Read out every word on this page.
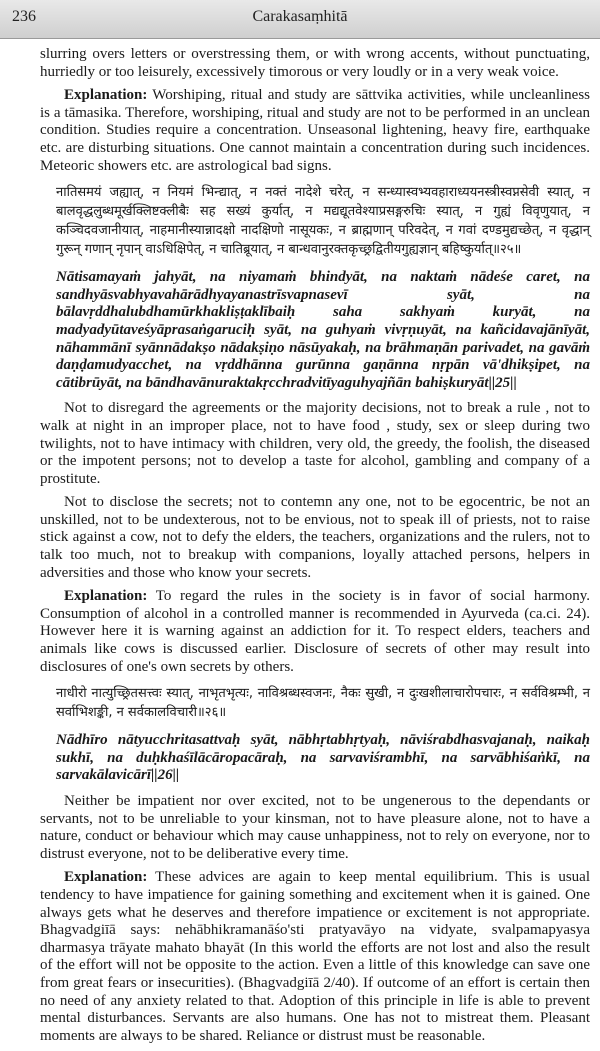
236	Carakasaṃhitā

slurring overs letters or overstressing them, or with wrong accents, without punctuating, hurriedly or too leisurely, excessively timorous or very loudly or in a very weak voice.

Explanation: Worshiping, ritual and study are sāttvika activities, while uncleanliness is a tāmasika. Therefore, worshiping, ritual and study are not to be performed in an unclean condition. Studies require a concentration. Unseasonal lightening, heavy fire, earthquake etc. are disturbing situations. One cannot maintain a concentration during such incidences. Meteoric showers etc. are astrological bad signs.

नातिसमयं जह्यात्, न नियमं भिन्द्यात्, न नक्तं नादेशे चरेत्, न सन्ध्यास्वभ्यवहाराध्ययनस्त्रीस्वप्नसेवी स्यात्, न बालवृद्धलुब्धमूर्खक्लिष्टक्लीबैः सह सख्यं कुर्यात्, न मद्यद्यूतवेश्याप्रसङ्गरुचिः स्यात्, न गुह्यं विवृणुयात्, न कञ्चिदवजानीयात्, नाहमानीस्यान्नादक्षो नादक्षिणो नासूयकः, न ब्राह्मणान् परिवदेत्, न गवां दण्डमुद्यच्छेत्, न वृद्धान् गुरून् गणान् नृपान् वाऽधिक्षिपेत्, न चातिब्रूयात्, न बान्धवानुरक्तकृच्छ्रद्वितीयगुह्यज्ञान् बहिष्कुर्यात्॥२५॥

Nātisamayaṁ jahyāt, na niyamaṁ bhindyāt, na naktaṁ nādeśe caret, na sandhyāsvabhyavahārādhyayanastrīsvapnasevī syāt, na bālavṛddhalubdhamūrkhakliṣṭaklībaiḥ saha sakhyaṁ kuryāt, na madyadyūtaveśyāprasaṅgaruciḥ syāt, na guhyaṁ vivṛṇuyāt, na kañcidavajānīyāt, nāhammānī syānnādakṣo nādakṣiṇo nāsūyakaḥ, na brāhmaṇān parivadet, na gavāṁ daṇḍamudyacchet, na vṛddhānna gurūnna gaṇānna nṛpān vā'dhikṣipet, na cātibrūyāt, na bāndhavānuraktakṛcchradvitīyaguhyajñān bahiṣkuryāt||25||

Not to disregard the agreements or the majority decisions, not to break a rule , not to walk at night in an improper place, not to have food , study, sex or sleep during two twilights, not to have intimacy with children, very old, the greedy, the foolish, the diseased or the impotent persons; not to develop a taste for alcohol, gambling and company of a prostitute.

Not to disclose the secrets; not to contemn any one, not to be egocentric, be not an unskilled, not to be undexterous, not to be envious, not to speak ill of priests, not to raise stick against a cow, not to defy the elders, the teachers, organizations and the rulers, not to talk too much, not to breakup with companions, loyally attached persons, helpers in adversities and those who know your secrets.

Explanation: To regard the rules in the society is in favor of social harmony. Consumption of alcohol in a controlled manner is recommended in Ayurveda (ca.ci. 24). However here it is warning against an addiction for it. To respect elders, teachers and animals like cows is discussed earlier. Disclosure of secrets of other may result into disclosures of one's own secrets by others.

नाधीरो नात्युच्छ्रितसत्त्वः स्यात्, नाभृतभृत्यः, नाविश्रब्धस्वजनः, नैकः सुखी, न दुःखशीलाचारोपचारः, न सर्वविश्रम्भी, न सर्वाभिशङ्की, न सर्वकालविचारी॥२६॥

Nādhīro nātyucchritasattvaḥ syāt, nābhṛtabhṛtyaḥ, nāviśrabdhasvajanaḥ, naikaḥ sukhī, na duḥkhaśīlācāropacāraḥ, na sarvaviśrambhī, na sarvābhiśaṅkī, na sarvakālavicārī||26||

Neither be impatient nor over excited, not to be ungenerous to the dependants or servants, not to be unreliable to your kinsman, not to have pleasure alone, not to have a nature, conduct or behaviour which may cause unhappiness, not to rely on everyone, nor to distrust everyone, not to be deliberative every time.

Explanation: These advices are again to keep mental equilibrium. This is usual tendency to have impatience for gaining something and excitement when it is gained. One always gets what he deserves and therefore impatience or excitement is not appropriate. Bhagvadgiīā says: nehābhikramanāśo'sti pratyavāyo na vidyate, svalpamapyasya dharmasya trāyate mahato bhayāt (In this world the efforts are not lost and also the result of the effort will not be opposite to the action. Even a little of this knowledge can save one from great fears or insecurities). (Bhagvadgiīā 2/40). If outcome of an effort is certain then no need of any anxiety related to that. Adoption of this principle in life is able to prevent mental disturbances. Servants are also humans. One has not to mistreat them. Pleasant moments are always to be shared. Reliance or distrust must be reasonable.
